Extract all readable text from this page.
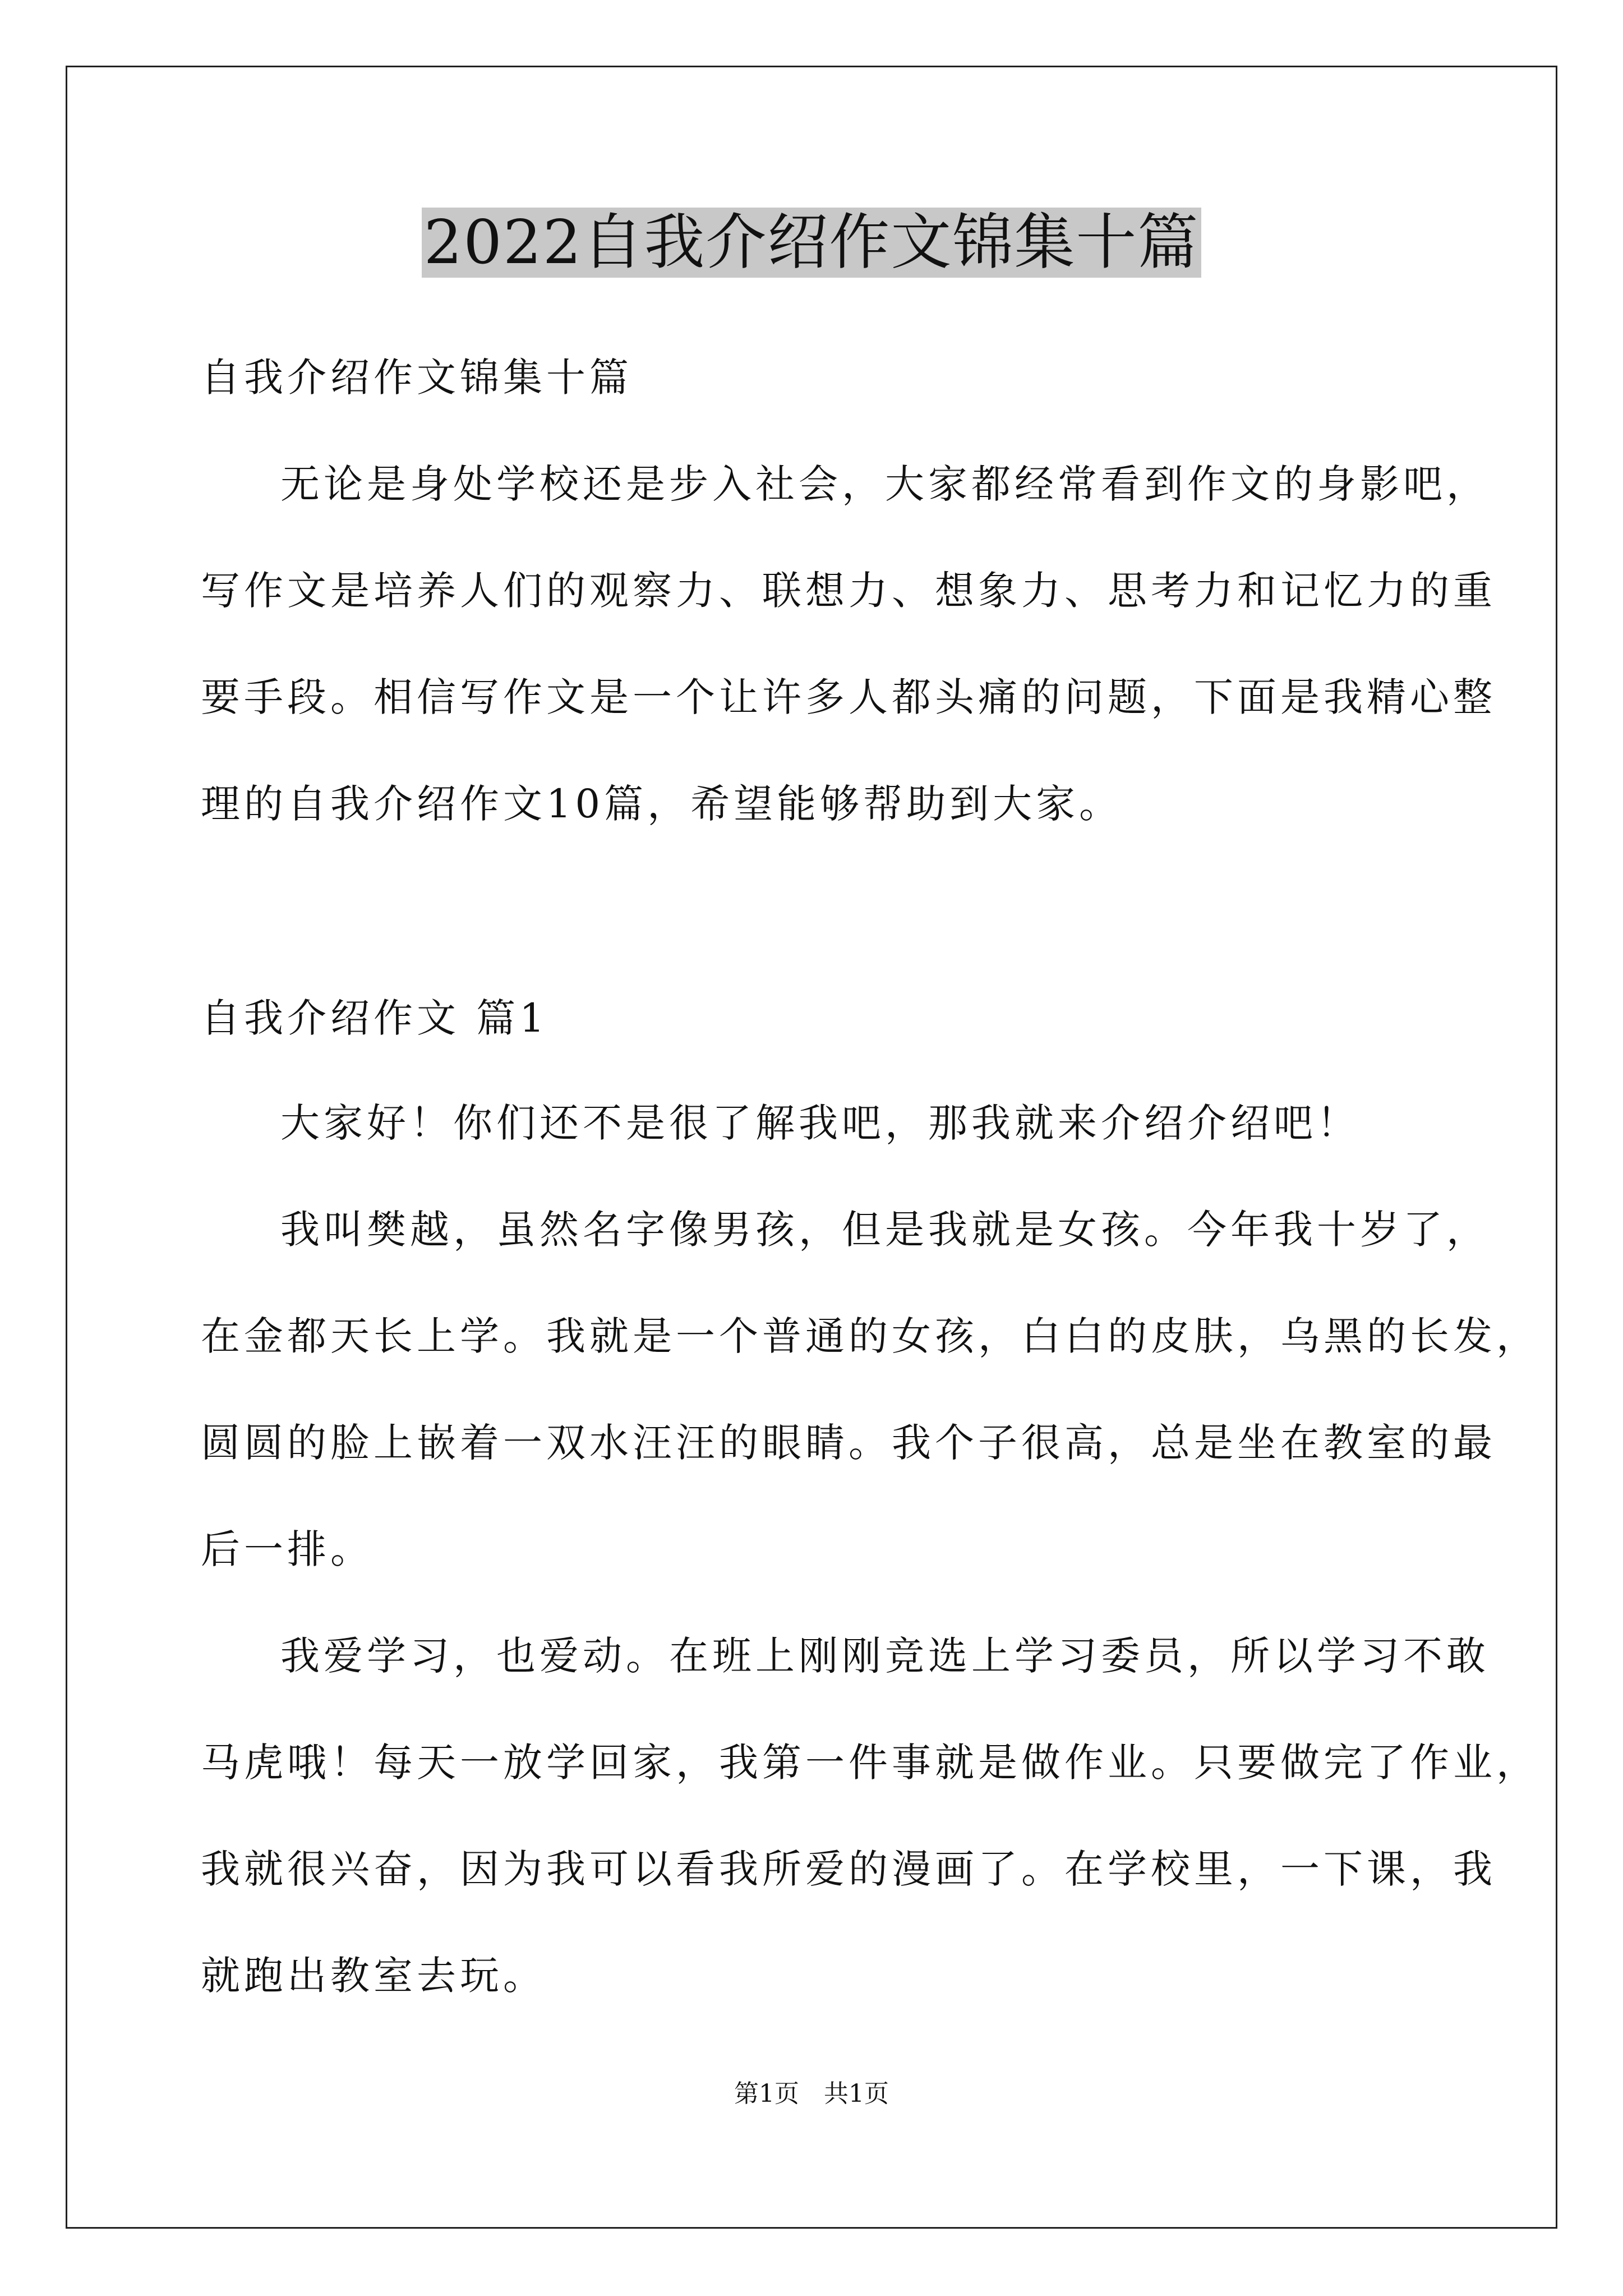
2022自我介绍作文锦集十篇
自我介绍作文锦集十篇
无论是身处学校还是步入社会，大家都经常看到作文的身影吧，
写作文是培养人们的观察力、联想力、想象力、思考力和记忆力的重
要手段。相信写作文是一个让许多人都头痛的问题，下面是我精心整
理的自我介绍作文10篇，希望能够帮助到大家。
自我介绍作文 篇1
大家好！你们还不是很了解我吧，那我就来介绍介绍吧！
我叫樊越，虽然名字像男孩，但是我就是女孩。今年我十岁了，
在金都天长上学。我就是一个普通的女孩，白白的皮肤，乌黑的长发，
圆圆的脸上嵌着一双水汪汪的眼睛。我个子很高，总是坐在教室的最
后一排。
我爱学习，也爱动。在班上刚刚竞选上学习委员，所以学习不敢
马虎哦！每天一放学回家，我第一件事就是做作业。只要做完了作业，
我就很兴奋，因为我可以看我所爱的漫画了。在学校里，一下课，我
就跑出教室去玩。
第1页　共1页
